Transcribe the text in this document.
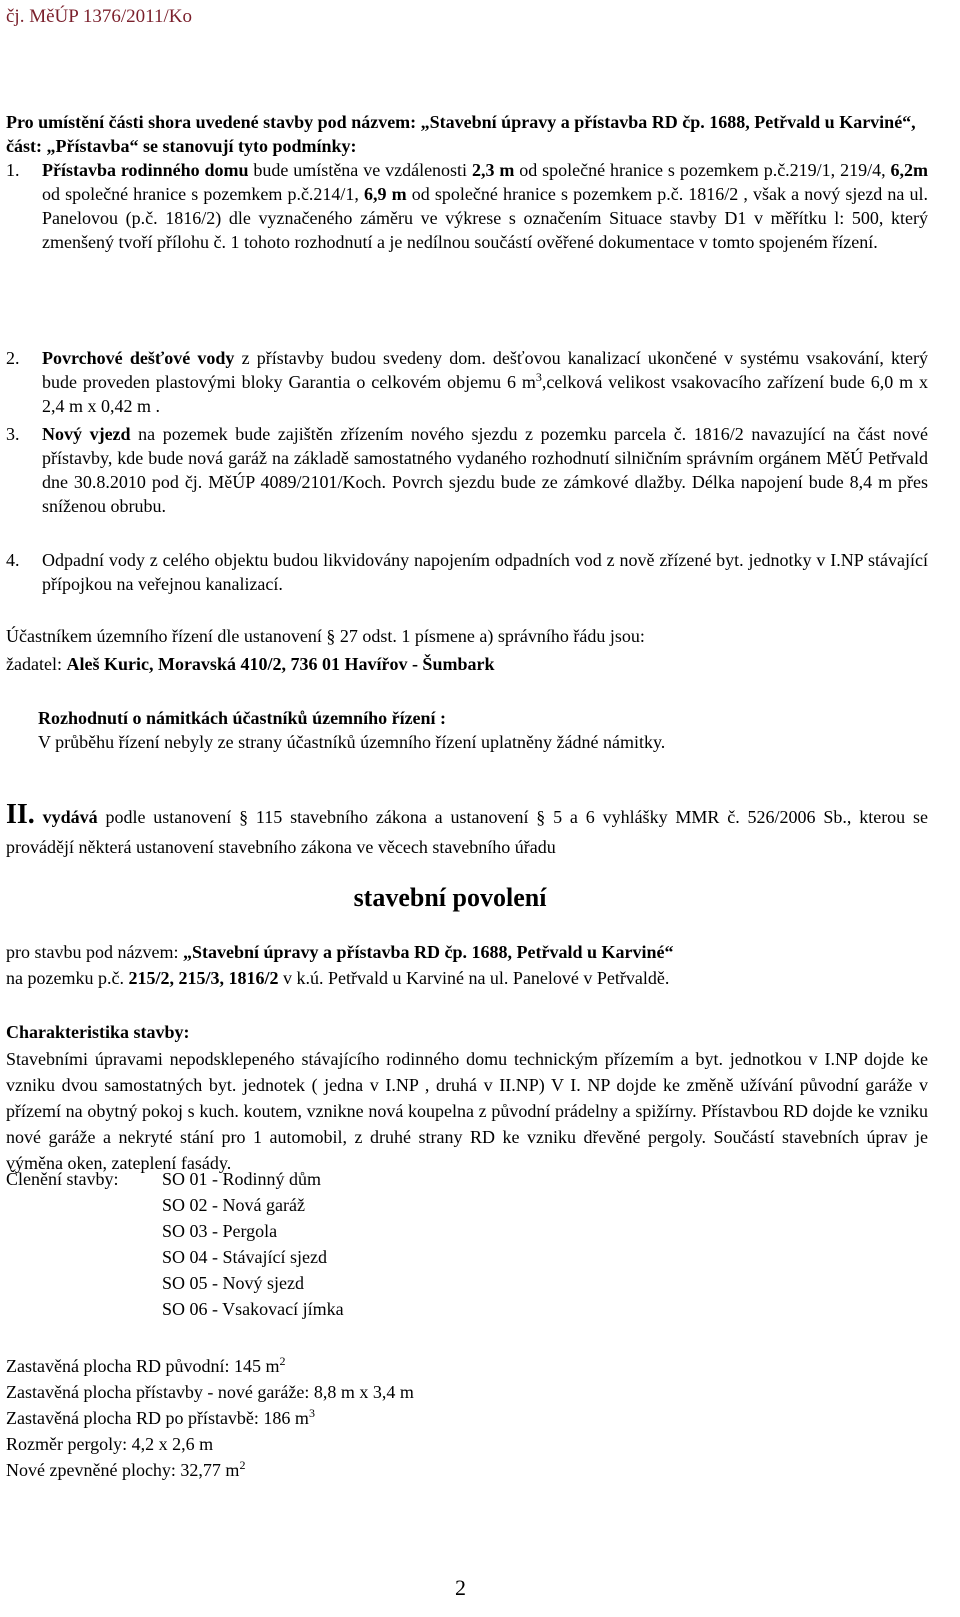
čj. MěÚP 1376/2011/Ko

Pro umístění části shora uvedené stavby pod názvem: „Stavební úpravy a přístavba RD čp. 1688, Petřvald u Karviné“, část: „Přístavba“ se stanovují tyto podmínky:

1.	Přístavba rodinného domu bude umístěna ve vzdálenosti 2,3 m od společné hranice s pozemkem p.č.219/1, 219/4, 6,2m od společné hranice s pozemkem p.č.214/1, 6,9 m od společné hranice s pozemkem p.č. 1816/2 , však a nový sjezd na ul. Panelovou (p.č. 1816/2) dle vyznačeného záměru ve výkrese s označením Situace stavby D1 v měřítku l: 500, který zmenšený tvoří přílohu č. 1 tohoto rozhodnutí a je nedílnou součástí ověřené dokumentace v tomto spojeném řízení.
2.	Povrchové dešťové vody z přístavby budou svedeny dom. dešťovou kanalizací ukončené v systému vsakování, který bude proveden plastovými bloky Garantia o celkovém objemu 6 $m^3,celková$ velikost vsakovacího zařízení bude 6,0 m x 2,4 m x 0,42 m .
3.	Nový vjezd na pozemek bude zajištěn zřízením nového sjezdu z pozemku parcela č. 1816/2 navazující na část nové přístavby, kde bude nová garáž na základě samostatného vydaného rozhodnutí silničním správním orgánem MěÚ Petřvald dne 30.8.2010 pod čj. MěÚP 4089/2101/Koch. Povrch sjezdu bude ze zámkové dlažby. Délka napojení bude 8,4 m přes sníženou obrubu.
4.	Odpadní vody z celého objektu budou likvidovány napojením odpadních vod z nově zřízené byt. jednotky v I.NP stávající přípojkou na veřejnou kanalizací.

Účastníkem územního řízení dle ustanovení § 27 odst. 1 písmene a) správního řádu jsou:

žadatel: Aleš Kuric, Moravská 410/2, 736 01 Havířov - Šumbark

Rozhodnutí o námitkách účastníků územního řízení :

V průběhu řízení nebyly ze strany účastníků územního řízení uplatněny žádné námitky.

II. vydává podle ustanovení § 115 stavebního zákona a ustanovení § 5 a 6 vyhlášky MMR č. 526/2006 Sb., kterou se provádějí některá ustanovení stavebního zákona ve věcech stavebního úřadu

stavební povolení

pro stavbu pod názvem: „Stavební úpravy a přístavba RD čp. 1688, Petřvald u Karviné“

na pozemku p.č. 215/2, 215/3, 1816/2 v k.ú. Petřvald u Karviné na ul. Panelové v Petřvaldě.

Charakteristika stavby:

Stavebními úpravami nepodsklepeného stávajícího rodinného domu technickým přízemím a byt. jednotkou v I.NP dojde ke vzniku dvou samostatných byt. jednotek ( jedna v I.NP , druhá v II.NP) V I. NP dojde ke změně užívání původní garáže v přízemí na obytný pokoj s kuch. koutem, vznikne nová koupelna z původní prádelny a spižírny. Přístavbou RD dojde ke vzniku nové garáže a nekryté stání pro 1 automobil, z druhé strany RD ke vzniku dřevěné pergoly. Součástí stavebních úprav je výměna oken, zateplení fasády.

Členění stavby: SO 01 - Rodinný dům
SO 02 - Nová garáž
SO 03 - Pergola
SO 04 - Stávající sjezd
SO 05 - Nový sjezd
SO 06 - Vsakovací jímka
Zastavěná plocha RD původní: 145 $m^2$
Zastavěná plocha přístavby - nové garáže: 8,8 m x 3,4 m
Zastavěná plocha RD po přístavbě: 186 $m^3$
Rozměr pergoly: 4,2 x 2,6 m
Nové zpevněné plochy: 32,77 $m^2$
2
